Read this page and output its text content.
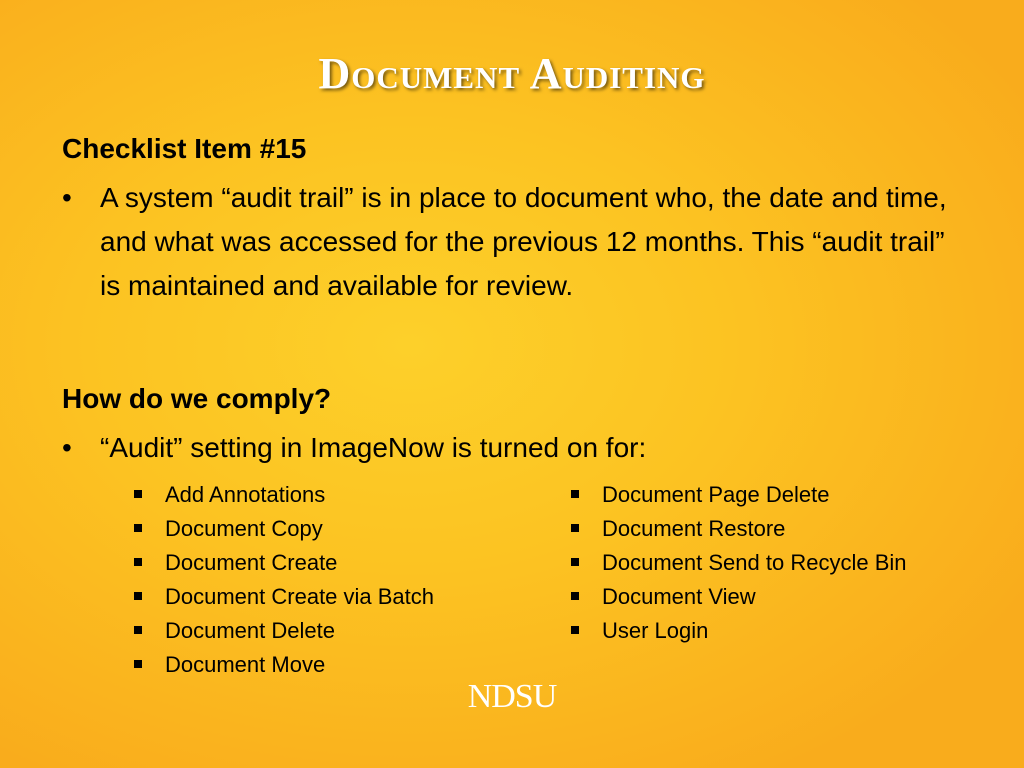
Document Auditing
Checklist Item #15
•	A system “audit trail” is in place to document who, the date and time, and what was accessed for the previous 12 months. This “audit trail” is maintained and available for review.
How do we comply?
•	“Audit” setting in ImageNow is turned on for:
Add Annotations
Document Copy
Document Create
Document Create via Batch
Document Delete
Document Move
Document Page Delete
Document Restore
Document Send to Recycle Bin
Document View
User Login
NDSU
